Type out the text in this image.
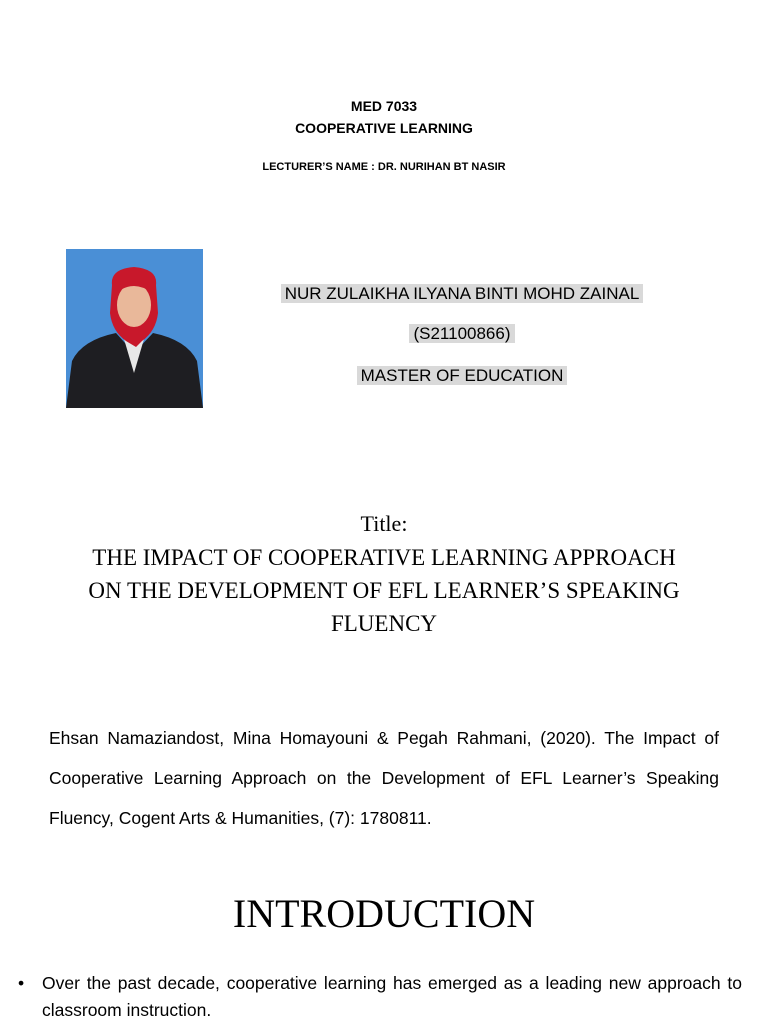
MED 7033
COOPERATIVE LEARNING
LECTURER’S NAME : DR. NURIHAN BT NASIR
NUR ZULAIKHA ILYANA BINTI MOHD ZAINAL
(S21100866)
MASTER OF EDUCATION
Title:
THE IMPACT OF COOPERATIVE LEARNING APPROACH ON THE DEVELOPMENT OF EFL LEARNER’S SPEAKING FLUENCY
Ehsan Namaziandost, Mina Homayouni & Pegah Rahmani, (2020). The Impact of Cooperative Learning Approach on the Development of EFL Learner’s Speaking Fluency, Cogent Arts & Humanities, (7): 1780811.
INTRODUCTION
• Over the past decade, cooperative learning has emerged as a leading new approach to classroom instruction.
